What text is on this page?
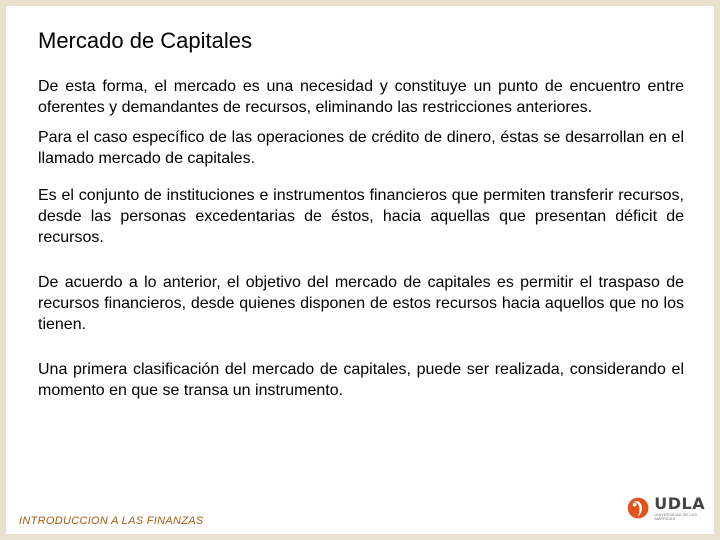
Mercado de Capitales

De esta forma, el mercado es una necesidad y constituye un punto de encuentro entre oferentes y demandantes de recursos, eliminando las restricciones anteriores.

Para el caso específico de las operaciones de crédito de dinero, éstas se desarrollan en el llamado mercado de capitales.

Es el conjunto de instituciones e instrumentos financieros que permiten transferir recursos, desde las personas excedentarias de éstos, hacia aquellas que presentan déficit de recursos.

De acuerdo a lo anterior, el objetivo del mercado de capitales es permitir el traspaso de recursos financieros, desde quienes disponen de estos recursos hacia aquellos que no los tienen.

Una primera clasificación del mercado de capitales, puede ser realizada, considerando el momento en que se transa un instrumento.

INTRODUCCION A LAS FINANZAS
UDLA
UNIVERSIDAD DE LAS AMÉRICAS
